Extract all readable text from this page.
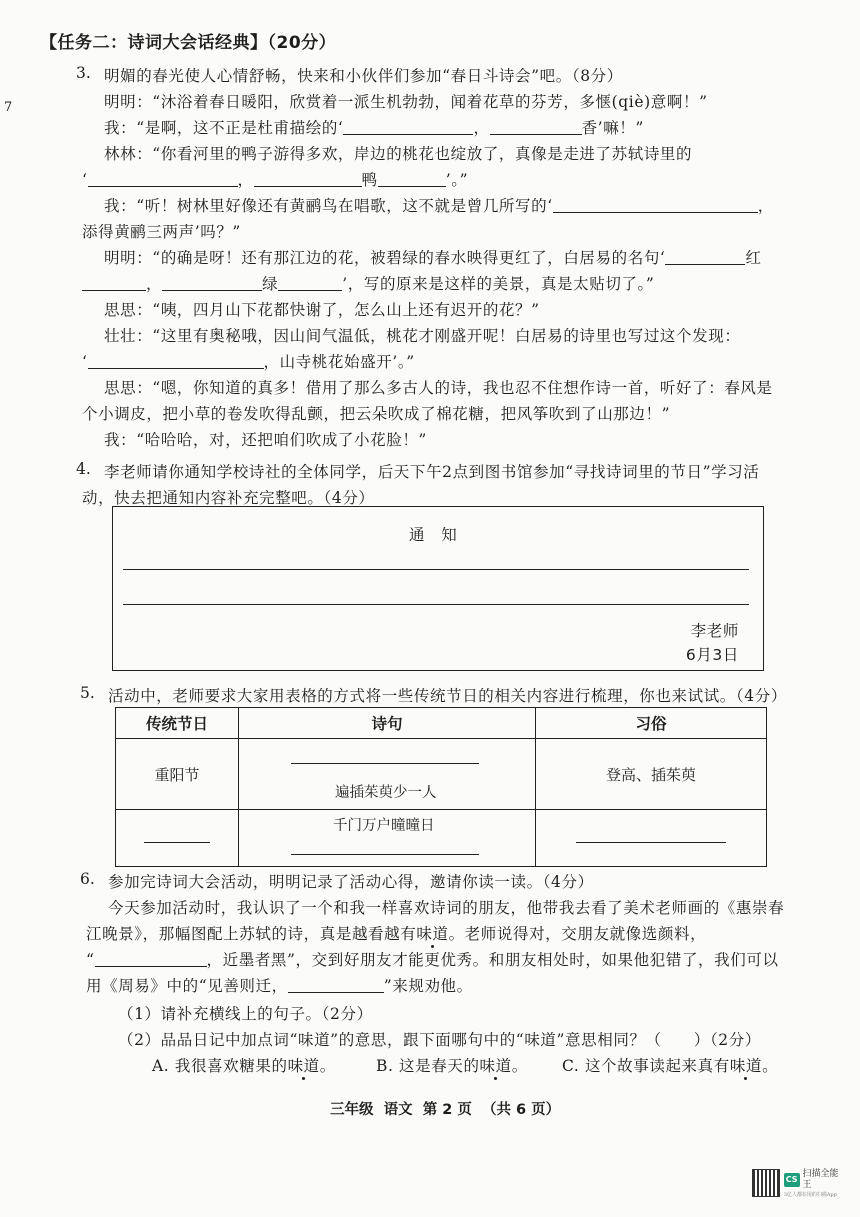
7
【任务二：诗词大会话经典】（20分）
3. 明媚的春光使人心情舒畅，快来和小伙伴们参加“春日斗诗会”吧。（8分）
明明：“沐浴着春日暖阳，欣赏着一派生机勃勃，闻着花草的芬芳，多惬(qiè)意啊！”
我：“是啊，这不正是杜甫描绘的‘	，	香’嘛！”
林林：“你看河里的鸭子游得多欢，岸边的桃花也绽放了，真像是走进了苏轼诗里的
‘	，	鸭	’。”
我：“听！树林里好像还有黄鹂鸟在唱歌，这不就是曾几所写的‘	，
添得黄鹂三两声’吗？”
明明：“的确是呀！还有那江边的花，被碧绿的春水映得更红了，白居易的名句‘	红
，	绿	’，写的原来是这样的美景，真是太贴切了。”
思思：“咦，四月山下花都快谢了，怎么山上还有迟开的花？”
壮壮：“这里有奥秘哦，因山间气温低，桃花才刚盛开呢！白居易的诗里也写过这个发现：
‘	，山寺桃花始盛开’。”
思思：“嗯，你知道的真多！借用了那么多古人的诗，我也忍不住想作诗一首，听好了：春风是
个小调皮，把小草的卷发吹得乱颤，把云朵吹成了棉花糖，把风筝吹到了山那边！”
我：“哈哈哈，对，还把咱们吹成了小花脸！”
4. 李老师请你通知学校诗社的全体同学，后天下午2点到图书馆参加“寻找诗词里的节日”学习活
动，快去把通知内容补充完整吧。（4分）
通　知
李老师
6月3日
5. 活动中，老师要求大家用表格的方式将一些传统节日的相关内容进行梳理，你也来试试。（4分）
传统节日	诗句	习俗
重阳节	遍插茱萸少一人	登高、插茱萸

	千门万户曈曈日	

6. 参加完诗词大会活动，明明记录了活动心得，邀请你读一读。（4分）
今天参加活动时，我认识了一个和我一样喜欢诗词的朋友，他带我去看了美术老师画的《惠崇春
江晚景》，那幅图配上苏轼的诗，真是越看越有味道。老师说得对，交朋友就像选颜料，
“	，近墨者黑”，交到好朋友才能更优秀。和朋友相处时，如果他犯错了，我们可以
用《周易》中的“见善则迁，	”来规劝他。
（1）请补充横线上的句子。（2分）
（2）品品日记中加点词“味道”的意思，跟下面哪句中的“味道”意思相同？（　　）（2分）
A. 我很喜欢糖果的味道。	B. 这是春天的味道。 C. 这个故事读起来真有味道。
三年级  语文  第 2 页  （共 6 页）
CS
扫描全能王
3亿人都在用的扫描App
